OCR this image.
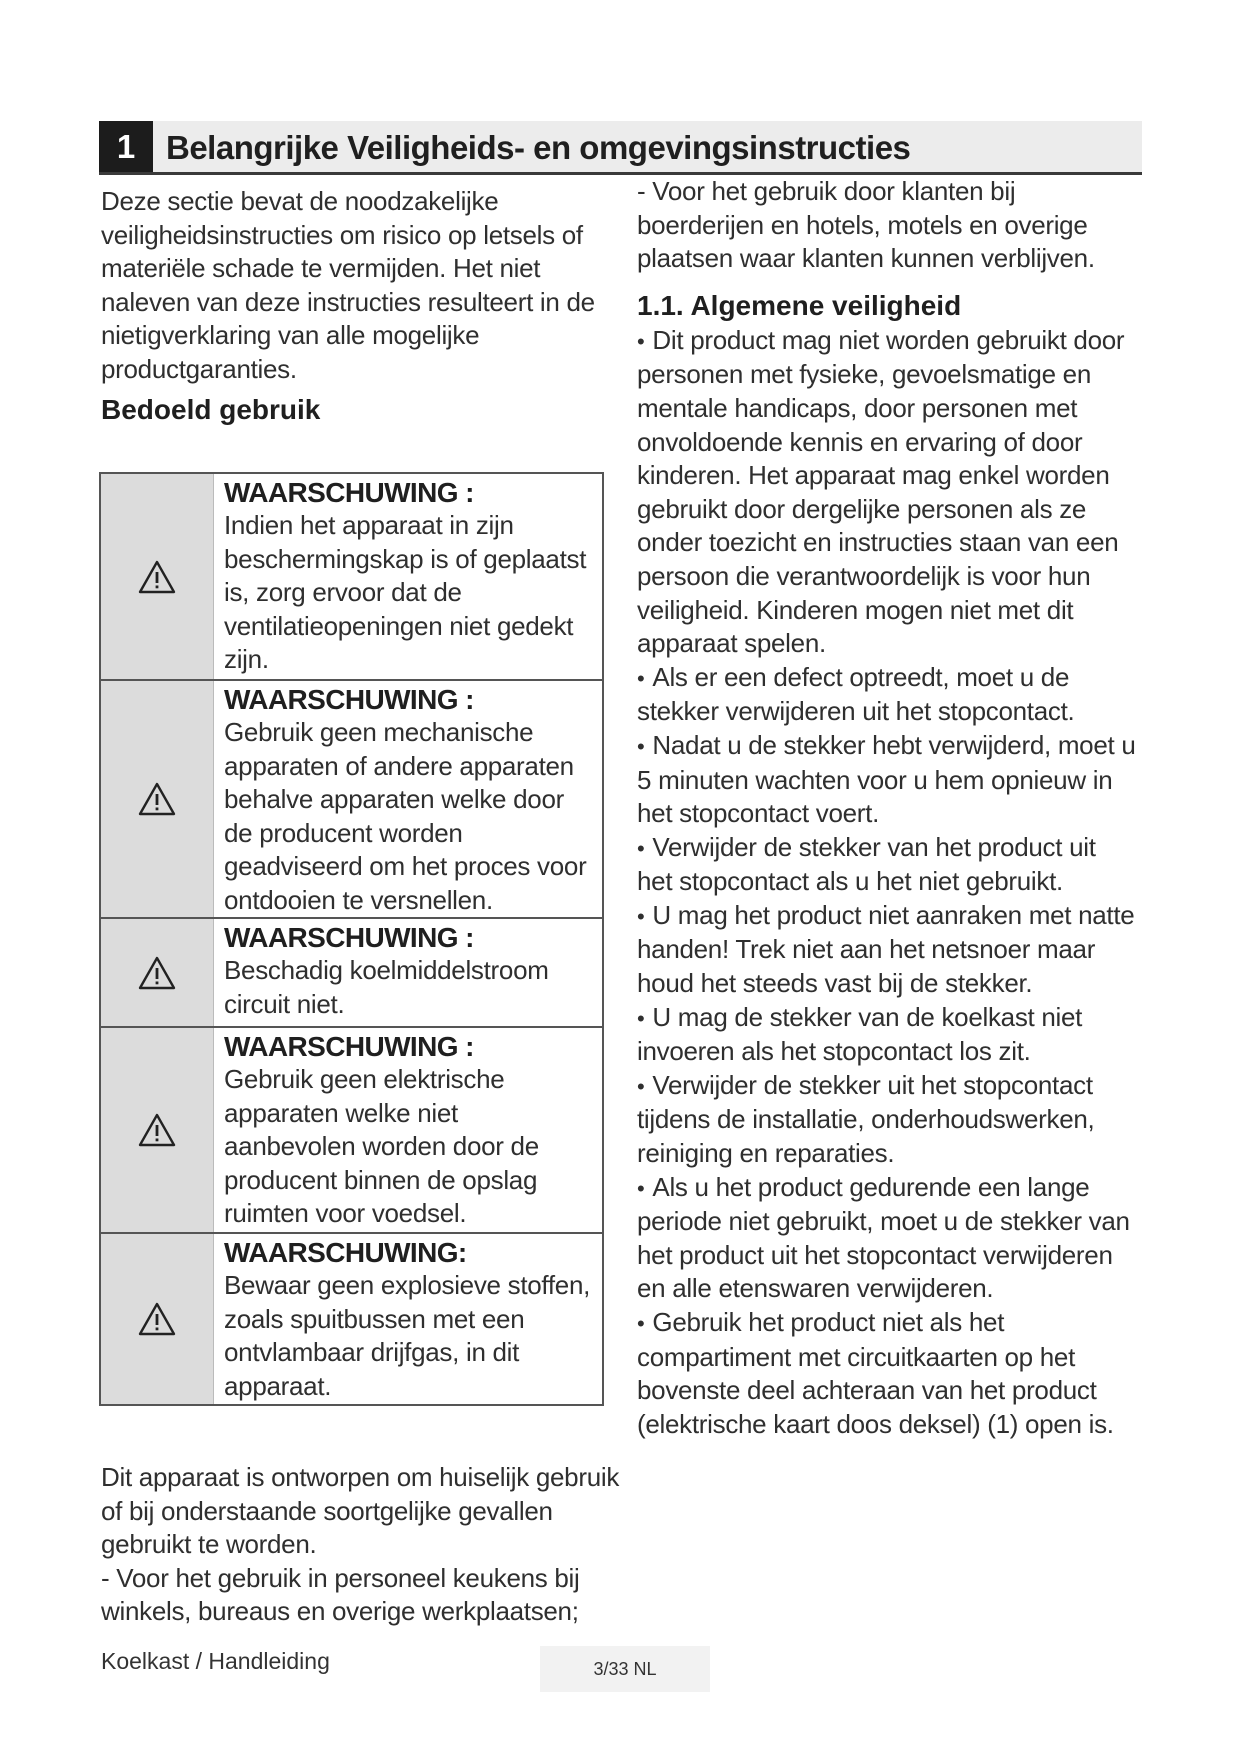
1 Belangrijke Veiligheids- en omgevingsinstructies
Deze sectie bevat de noodzakelijke veiligheidsinstructies om risico op letsels of materiële schade te vermijden. Het niet naleven van deze instructies resulteert in de nietigverklaring van alle mogelijke productgaranties.
Bedoeld gebruik
WAARSCHUWING :
Indien het apparaat in zijn beschermingskap is of geplaatst is, zorg ervoor dat de ventilatieopeningen niet gedekt zijn.
WAARSCHUWING :
Gebruik geen mechanische apparaten of andere apparaten behalve apparaten welke door de producent worden geadviseerd om het proces voor ontdooien te versnellen.
WAARSCHUWING :
Beschadig koelmiddelstroom circuit niet.
WAARSCHUWING :
Gebruik geen elektrische apparaten welke niet aanbevolen worden door de producent binnen de opslag ruimten voor voedsel.
WAARSCHUWING:
Bewaar geen explosieve stoffen, zoals spuitbussen met een ontvlambaar drijfgas, in dit apparaat.
Dit apparaat is ontworpen om huiselijk gebruik of bij onderstaande soortgelijke gevallen gebruikt te worden.
- Voor het gebruik in personeel keukens bij winkels, bureaus en overige werkplaatsen;
- Voor het gebruik door klanten bij boerderijen en hotels, motels en overige plaatsen waar klanten kunnen verblijven.
1.1. Algemene veiligheid
• Dit product mag niet worden gebruikt door personen met fysieke, gevoelsmatige en mentale handicaps, door personen met onvoldoende kennis en ervaring of door kinderen. Het apparaat mag enkel worden gebruikt door dergelijke personen als ze onder toezicht en instructies staan van een persoon die verantwoordelijk is voor hun veiligheid. Kinderen mogen niet met dit apparaat spelen.
• Als er een defect optreedt, moet u de stekker verwijderen uit het stopcontact.
• Nadat u de stekker hebt verwijderd, moet u 5 minuten wachten voor u hem opnieuw in het stopcontact voert.
• Verwijder de stekker van het product uit het stopcontact als u het niet gebruikt.
• U mag het product niet aanraken met natte handen! Trek niet aan het netsnoer maar houd het steeds vast bij de stekker.
• U mag de stekker van de koelkast niet invoeren als het stopcontact los zit.
• Verwijder de stekker uit het stopcontact tijdens de installatie, onderhoudswerken, reiniging en reparaties.
• Als u het product gedurende een lange periode niet gebruikt, moet u de stekker van het product uit het stopcontact verwijderen en alle etenswaren verwijderen.
• Gebruik het product niet als het compartiment met circuitkaarten op het bovenste deel achteraan van het product (elektrische kaart doos deksel) (1) open is.
Koelkast / Handleiding	3/33 NL
